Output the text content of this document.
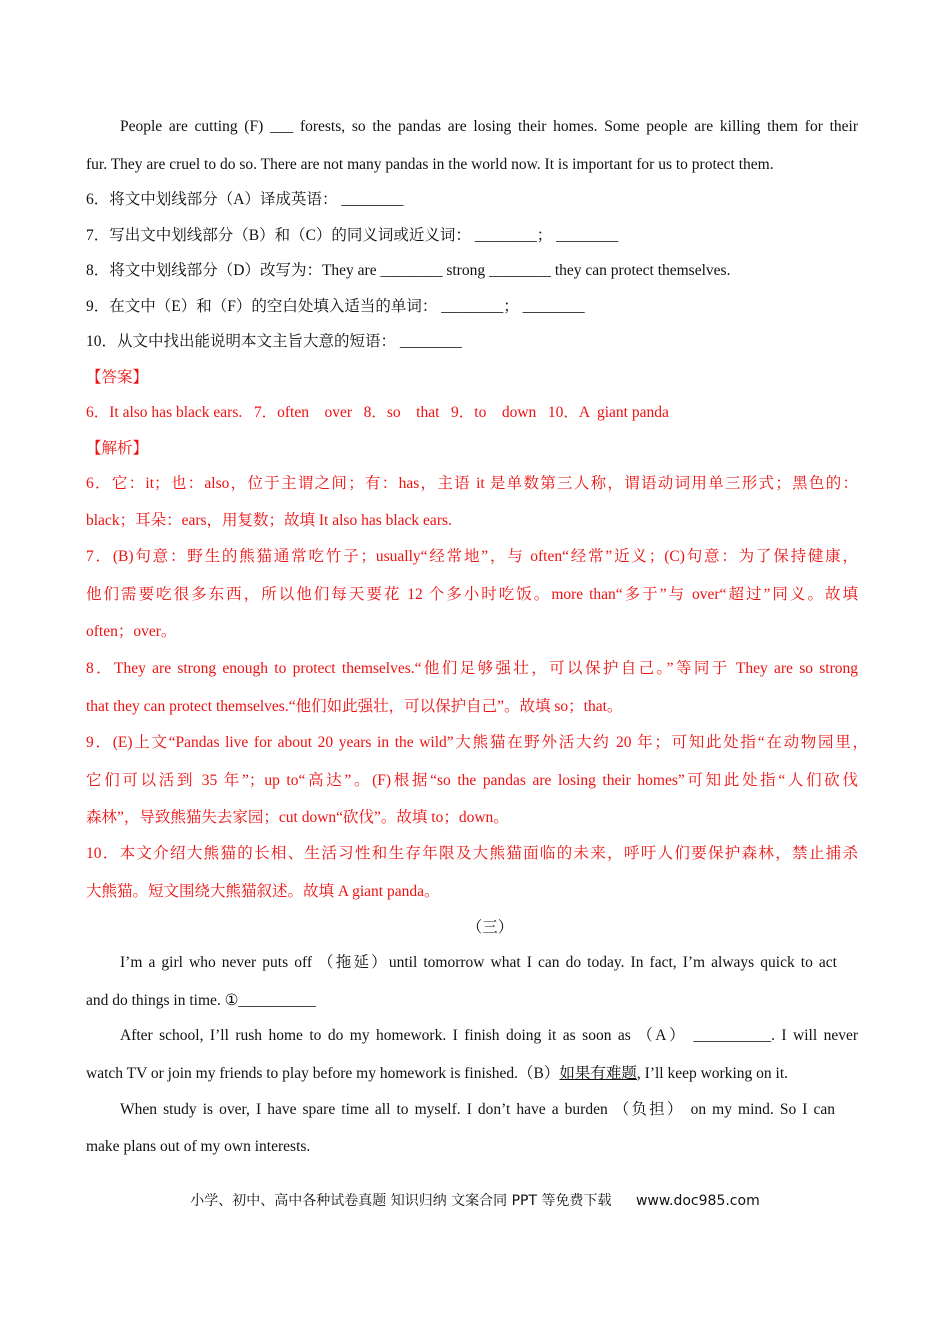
People are cutting (F) ___ forests, so the pandas are losing their homes. Some people are killing them for their
fur. They are cruel to do so. There are not many pandas in the world now. It is important for us to protect them.
6．将文中划线部分（A）译成英语： ________
7．写出文中划线部分（B）和（C）的同义词或近义词： ________； ________
8．将文中划线部分（D）改写为：They are ________ strong ________ they can protect themselves.
9．在文中（E）和（F）的空白处填入适当的单词： ________； ________
10．从文中找出能说明本文主旨大意的短语： ________
【答案】
6．It also has black ears.   7．often    over   8．so    that   9．to    down   10．A  giant panda
【解析】
6．它：it；也：also，位于主谓之间；有：has，主语 it 是单数第三人称，谓语动词用单三形式；黑色的：
black；耳朵：ears，用复数；故填 It also has black ears.
7．(B)句意：野生的熊猫通常吃竹子；usually“经常地”，与 often“经常”近义；(C)句意：为了保持健康，
他们需要吃很多东西，所以他们每天要花 12 个多小时吃饭。more than“多于”与 over“超过”同义。故填
often；over。
8．They are strong enough to protect themselves.“他们足够强壮，可以保护自己。”等同于 They are so strong
that they can protect themselves.“他们如此强壮，可以保护自己”。故填 so；that。
9．(E)上文“Pandas live for about 20 years in the wild”大熊猫在野外活大约 20 年；可知此处指“在动物园里，
它们可以活到 35 年”；up to“高达”。(F)根据“so the pandas are losing their homes”可知此处指“人们砍伐
森林”，导致熊猫失去家园；cut down“砍伐”。故填 to；down。
10．本文介绍大熊猫的长相、生活习性和生存年限及大熊猫面临的未来，呼吁人们要保护森林，禁止捕杀
大熊猫。短文围绕大熊猫叙述。故填 A giant panda。
（三）
I’m a girl who never puts off （拖延）until tomorrow what I can do today. In fact, I’m always quick to act
and do things in time. ①__________
After school, I’ll rush home to do my homework. I finish doing it as soon as （A） __________. I will never
watch TV or join my friends to play before my homework is finished.（B）如果有难题, I’ll keep working on it.
When study is over, I have spare time all to myself. I don’t have a burden （负担） on my mind. So I can
make plans out of my own interests.
小学、初中、高中各种试卷真题 知识归纳 文案合同 PPT 等免费下载 www.doc985.com
